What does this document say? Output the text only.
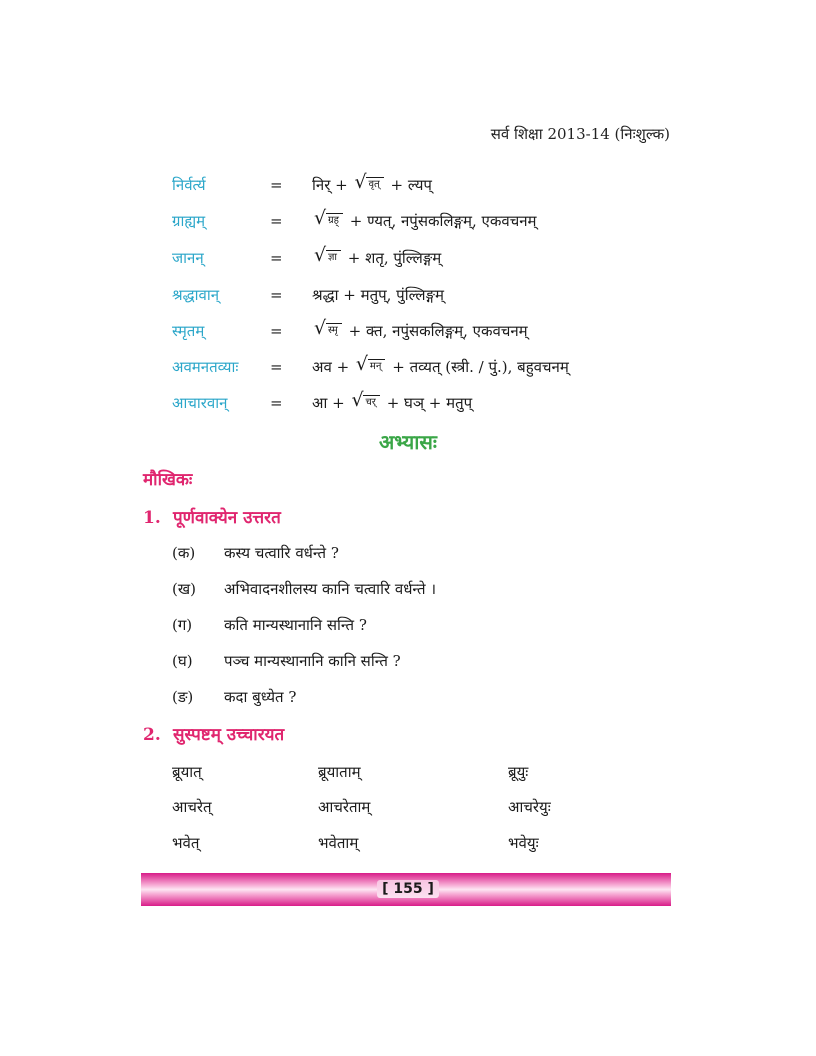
सर्व शिक्षा 2013-14 (निःशुल्क)
निर्वर्त्य	= निर् + √ वृत् + ल्यप्
ग्राह्यम्	= √ ग्रह् + ण्यत्, नपुंसकलिङ्गम्, एकवचनम्
जानन्	= √ ज्ञा + शतृ, पुंल्लिङ्गम्
श्रद्धावान्	= श्रद्धा + मतुप्, पुंल्लिङ्गम्
स्मृतम्	= √ स्मृ + क्त, नपुंसकलिङ्गम्, एकवचनम्
अवमनतव्याः = अव + √ मन् + तव्यत् (स्त्री. / पुं.), बहुवचनम्
आचारवान्	= आ + √ चर् + घञ् + मतुप्
अभ्यासः
मौखिकः
1. पूर्णवाक्येन उत्तरत
(क) कस्य चत्वारि वर्धन्ते ?
(ख) अभिवादनशीलस्य कानि चत्वारि वर्धन्ते ।
(ग) कति मान्यस्थानानि सन्ति ?
(घ) पञ्च मान्यस्थानानि कानि सन्ति ?
(ङ) कदा बुध्येत ?
2. सुस्पष्टम् उच्चारयत
ब्रूयात्	ब्रूयाताम्	ब्रूयुः
आचरेत्	आचरेताम्	आचरेयुः
भवेत्	भवेताम्	भवेयुः
[ 155 ]
